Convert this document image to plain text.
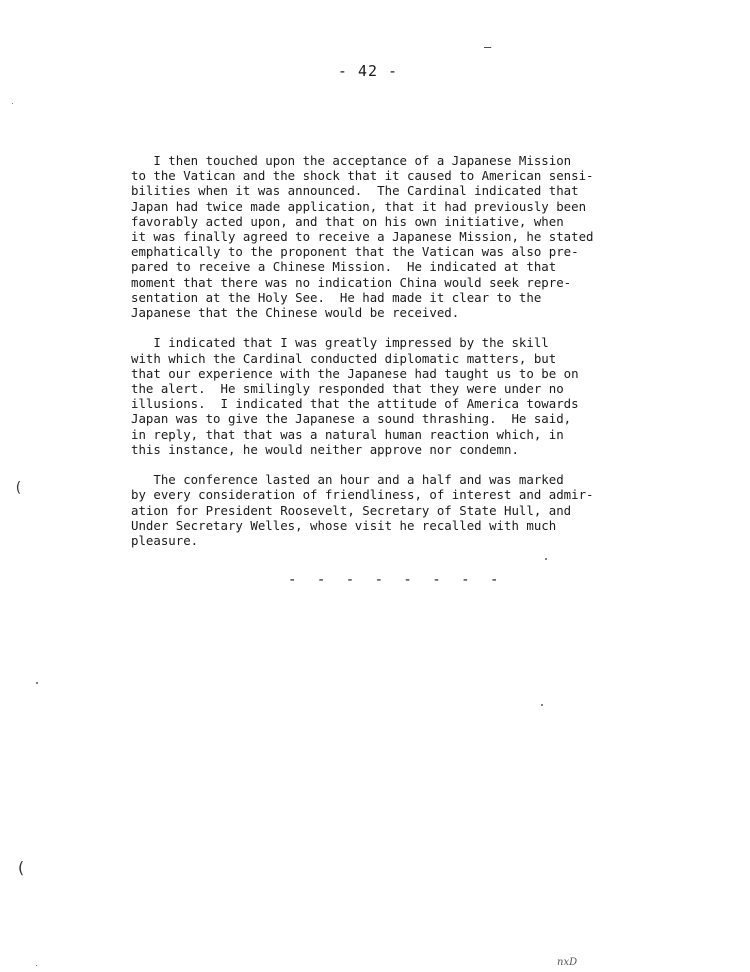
—
- 42 -
I then touched upon the acceptance of a Japanese Mission
to the Vatican and the shock that it caused to American sensi-
bilities when it was announced.  The Cardinal indicated that
Japan had twice made application, that it had previously been
favorably acted upon, and that on his own initiative, when
it was finally agreed to receive a Japanese Mission, he stated
emphatically to the proponent that the Vatican was also pre-
pared to receive a Chinese Mission.  He indicated at that
moment that there was no indication China would seek repre-
sentation at the Holy See.  He had made it clear to the
Japanese that the Chinese would be received.
I indicated that I was greatly impressed by the skill
with which the Cardinal conducted diplomatic matters, but
that our experience with the Japanese had taught us to be on
the alert.  He smilingly responded that they were under no
illusions.  I indicated that the attitude of America towards
Japan was to give the Japanese a sound thrashing.  He said,
in reply, that that was a natural human reaction which, in
this instance, he would neither approve nor condemn.
The conference lasted an hour and a half and was marked
by every consideration of friendliness, of interest and admir-
ation for President Roosevelt, Secretary of State Hull, and
Under Secretary Welles, whose visit he recalled with much
pleasure.
- - - - - - - -
(
(
nxD
